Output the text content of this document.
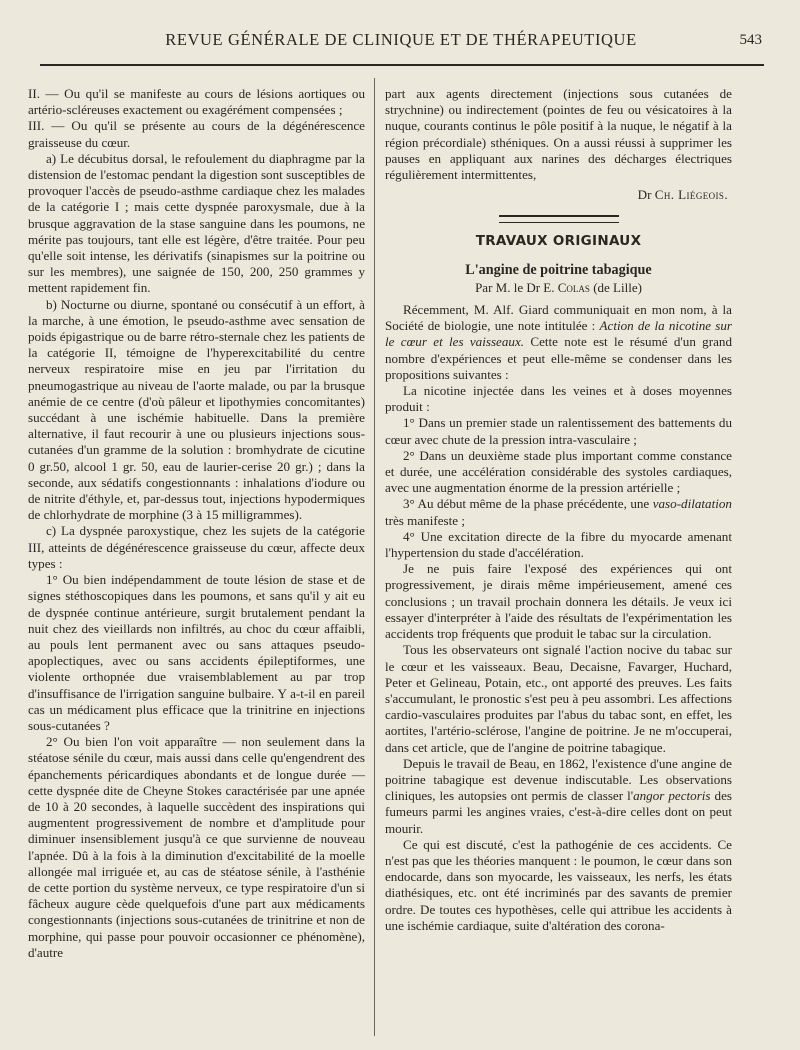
REVUE GÉNÉRALE DE CLINIQUE ET DE THÉRAPEUTIQUE	543

II. — Ou qu'il se manifeste au cours de lésions aortiques ou artério-scléreuses exactement ou exagérément compensées ;

III. — Ou qu'il se présente au cours de la dégénérescence graisseuse du cœur.

a) Le décubitus dorsal, le refoulement du diaphragme par la distension de l'estomac pendant la digestion sont susceptibles de provoquer l'accès de pseudo-asthme cardiaque chez les malades de la catégorie I ; mais cette dyspnée paroxysmale, due à la brusque aggravation de la stase sanguine dans les poumons, ne mérite pas toujours, tant elle est légère, d'être traitée. Pour peu qu'elle soit intense, les dérivatifs (sinapismes sur la poitrine ou sur les membres), une saignée de 150, 200, 250 grammes y mettent rapidement fin.

b) Nocturne ou diurne, spontané ou consécutif à un effort, à la marche, à une émotion, le pseudo-asthme avec sensation de poids épigastrique ou de barre rétro-sternale chez les patients de la catégorie II, témoigne de l'hyperexcitabilité du centre nerveux respiratoire mise en jeu par l'irritation du pneumogastrique au niveau de l'aorte malade, ou par la brusque anémie de ce centre (d'où pâleur et lipothymies concomitantes) succédant à une ischémie habituelle. Dans la première alternative, il faut recourir à une ou plusieurs injections sous-cutanées d'un gramme de la solution : bromhydrate de cicutine 0 gr.50, alcool 1 gr. 50, eau de laurier-cerise 20 gr.) ; dans la seconde, aux sédatifs congestionnants : inhalations d'iodure ou de nitrite d'éthyle, et, par-dessus tout, injections hypodermiques de chlorhydrate de morphine (3 à 15 milligrammes).

c) La dyspnée paroxystique, chez les sujets de la catégorie III, atteints de dégénérescence graisseuse du cœur, affecte deux types :

1° Ou bien indépendamment de toute lésion de stase et de signes stéthoscopiques dans les poumons, et sans qu'il y ait eu de dyspnée continue antérieure, surgit brutalement pendant la nuit chez des vieillards non infiltrés, au choc du cœur affaibli, au pouls lent permanent avec ou sans attaques pseudo-apoplectiques, avec ou sans accidents épileptiformes, une violente orthopnée due vraisemblablement au par trop d'insuffisance de l'irrigation sanguine bulbaire. Y a-t-il en pareil cas un médicament plus efficace que la trinitrine en injections sous-cutanées ?

2° Ou bien l'on voit apparaître — non seulement dans la stéatose sénile du cœur, mais aussi dans celle qu'engendrent des épanchements péricardiques abondants et de longue durée — cette dyspnée dite de Cheyne Stokes caractérisée par une apnée de 10 à 20 secondes, à laquelle succèdent des inspirations qui augmentent progressivement de nombre et d'amplitude pour diminuer insensiblement jusqu'à ce que survienne de nouveau l'apnée. Dû à la fois à la diminution d'excitabilité de la moelle allongée mal irriguée et, au cas de stéatose sénile, à l'asthénie de cette portion du système nerveux, ce type respiratoire d'un si fâcheux augure cède quelquefois d'une part aux médicaments congestionnants (injections sous-cutanées de trinitrine et non de morphine, qui passe pour pouvoir occasionner ce phénomène), d'autre

part aux agents directement (injections sous cutanées de strychnine) ou indirectement (pointes de feu ou vésicatoires à la nuque, courants continus le pôle positif à la nuque, le négatif à la région précordiale) sthéniques. On a aussi réussi à supprimer les pauses en appliquant aux narines des décharges électriques régulièrement intermittentes,

Dr Ch. Liégeois.
TRAVAUX ORIGINAUX
L'angine de poitrine tabagique
Par M. le Dr E. Colas (de Lille)

Récemment, M. Alf. Giard communiquait en mon nom, à la Société de biologie, une note intitulée : Action de la nicotine sur le cœur et les vaisseaux. Cette note est le résumé d'un grand nombre d'expériences et peut elle-même se condenser dans les propositions suivantes :

La nicotine injectée dans les veines et à doses moyennes produit :

1° Dans un premier stade un ralentissement des battements du cœur avec chute de la pression intra-vasculaire ;

2° Dans un deuxième stade plus important comme constance et durée, une accélération considérable des systoles cardiaques, avec une augmentation énorme de la pression artérielle ;

3° Au début même de la phase précédente, une vaso-dilatation très manifeste ;

4° Une excitation directe de la fibre du myocarde amenant l'hypertension du stade d'accélération.

Je ne puis faire l'exposé des expériences qui ont progressivement, je dirais même impérieusement, amené ces conclusions ; un travail prochain donnera les détails. Je veux ici essayer d'interpréter à l'aide des résultats de l'expérimentation les accidents trop fréquents que produit le tabac sur la circulation.

Tous les observateurs ont signalé l'action nocive du tabac sur le cœur et les vaisseaux. Beau, Decaisne, Favarger, Huchard, Peter et Gelineau, Potain, etc., ont apporté des preuves. Les faits s'accumulant, le pronostic s'est peu à peu assombri. Les affections cardio-vasculaires produites par l'abus du tabac sont, en effet, les aortites, l'artério-sclérose, l'angine de poitrine. Je ne m'occuperai, dans cet article, que de l'angine de poitrine tabagique.

Depuis le travail de Beau, en 1862, l'existence d'une angine de poitrine tabagique est devenue indiscutable. Les observations cliniques, les autopsies ont permis de classer l'angor pectoris des fumeurs parmi les angines vraies, c'est-à-dire celles dont on peut mourir.

Ce qui est discuté, c'est la pathogénie de ces accidents. Ce n'est pas que les théories manquent : le poumon, le cœur dans son endocarde, dans son myocarde, les vaisseaux, les nerfs, les états diathésiques, etc. ont été incriminés par des savants de premier ordre. De toutes ces hypothèses, celle qui attribue les accidents à une ischémie cardiaque, suite d'altération des corona-
